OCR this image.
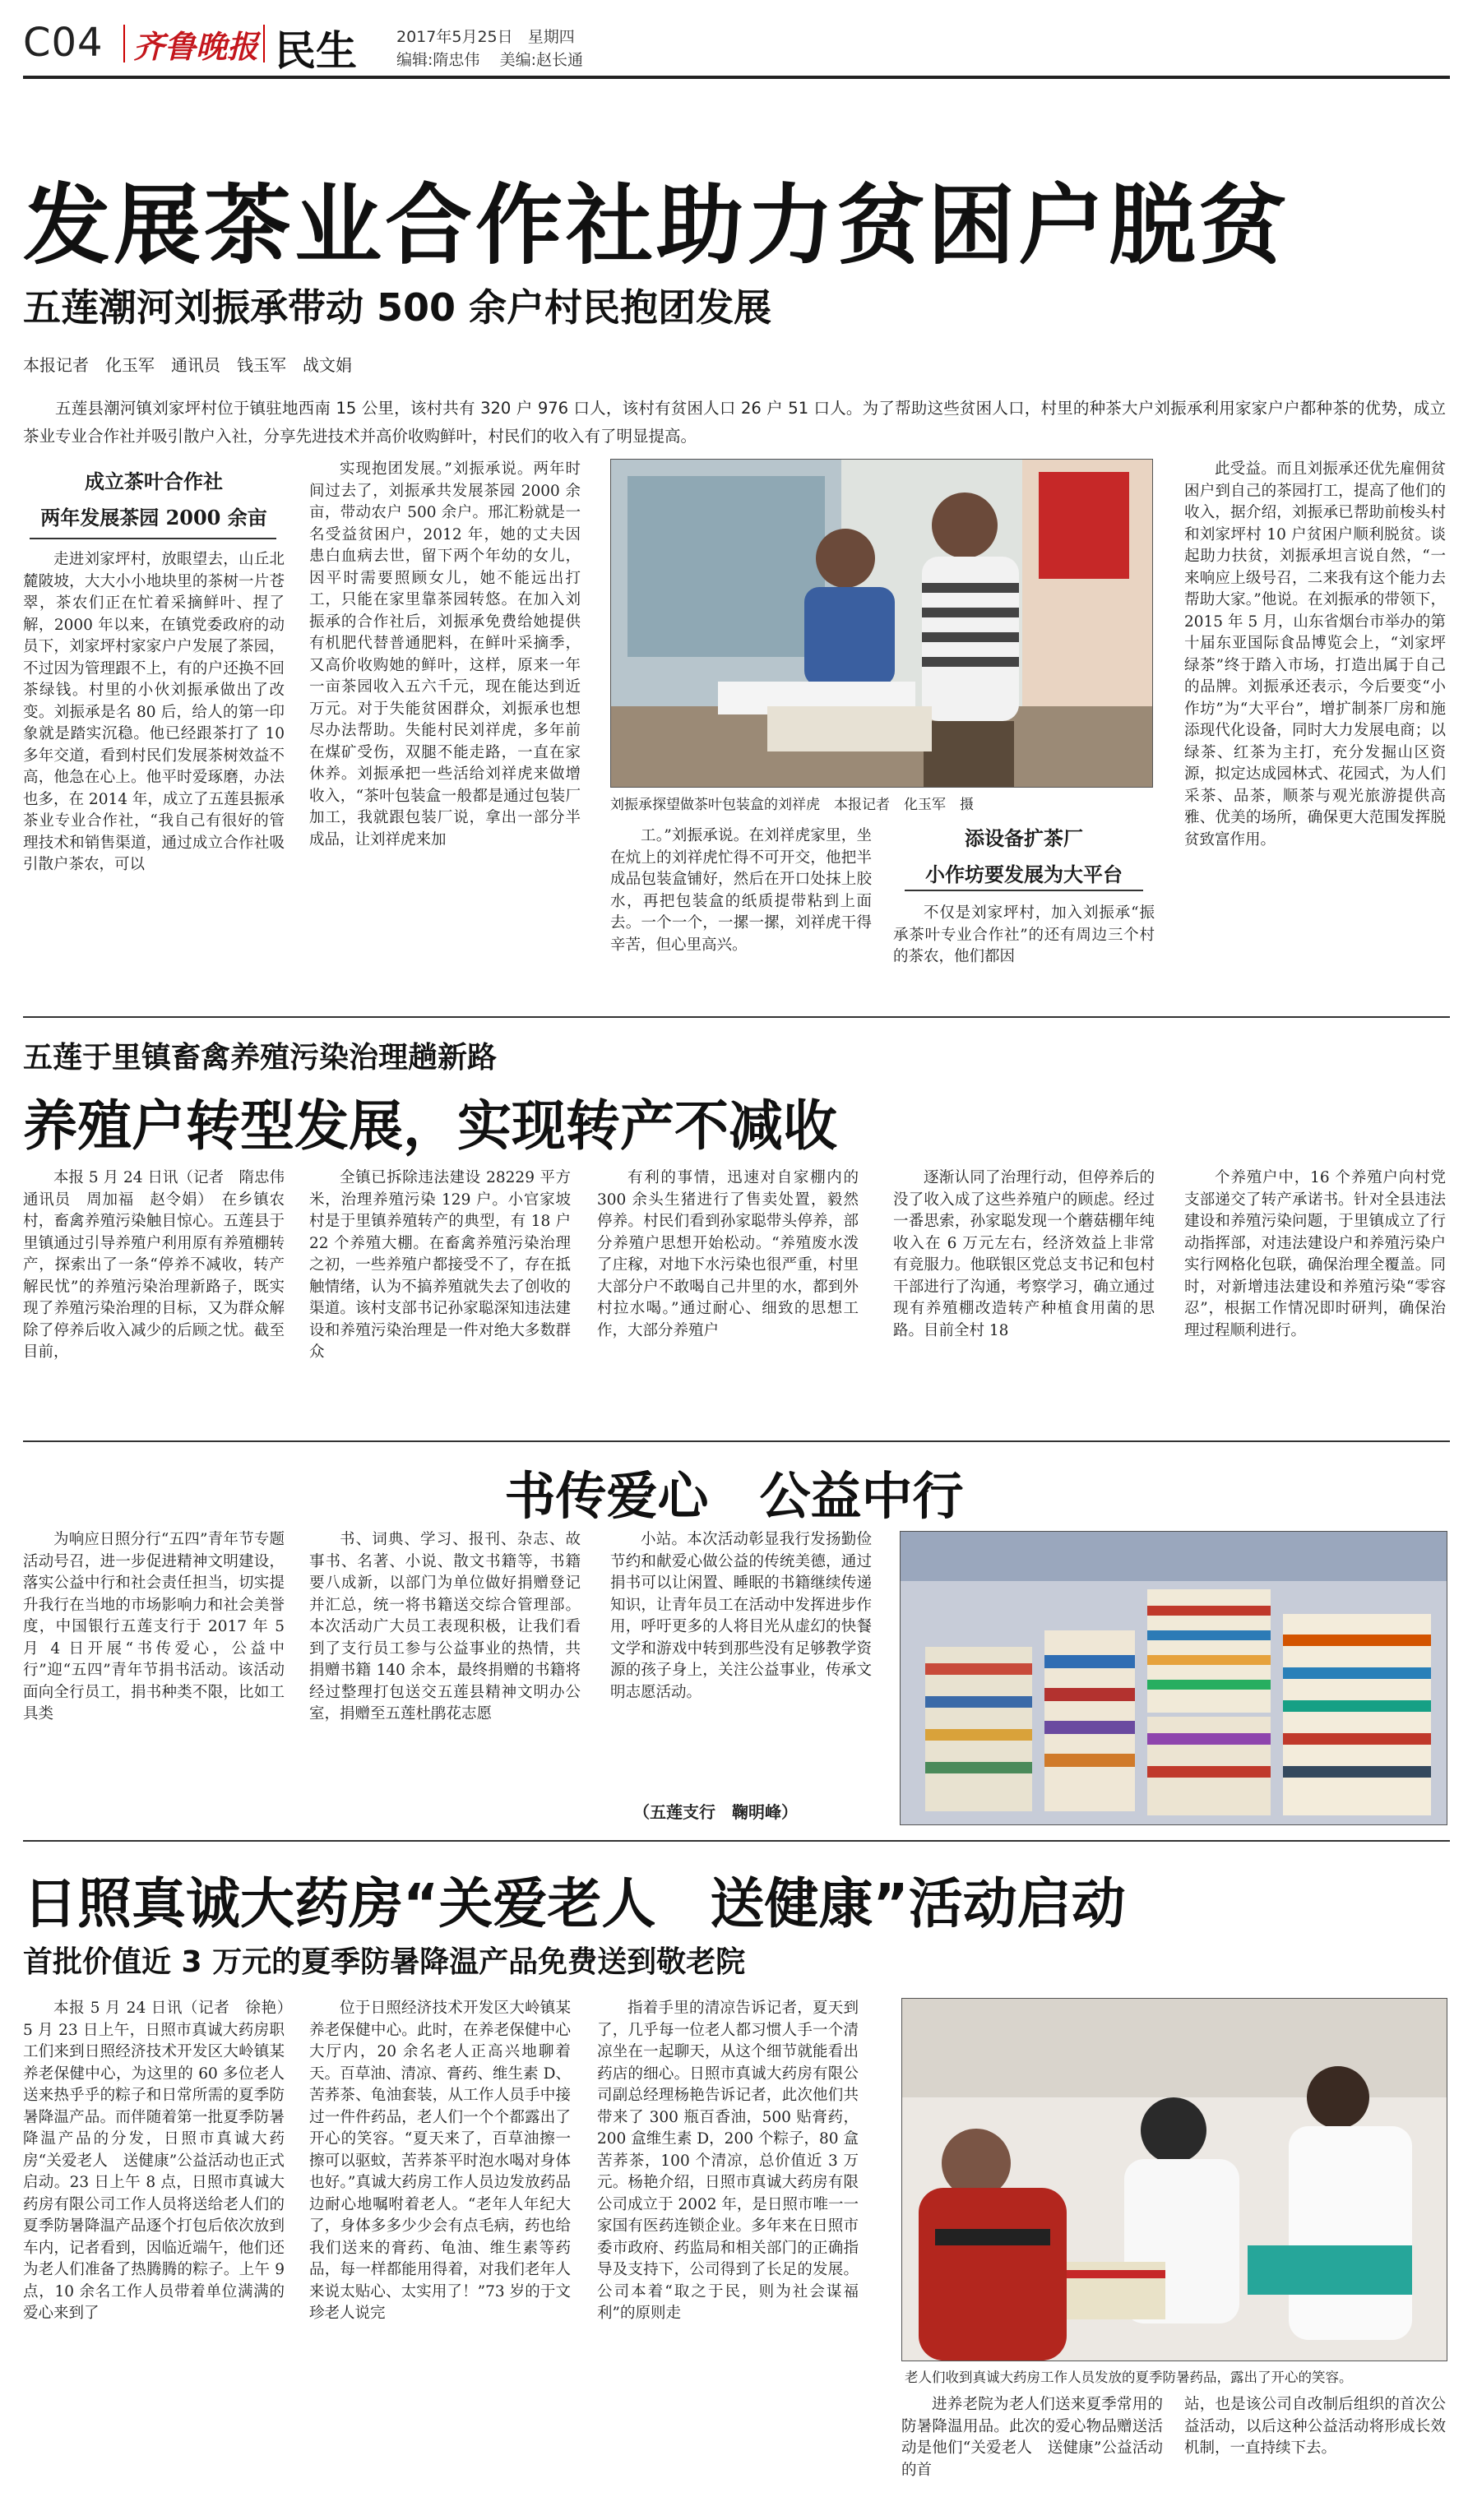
C04 齐鲁晚报 民生	2017年5月25日 星期四
编辑:隋忠伟 美编:赵长通
发展茶业合作社助力贫困户脱贫
五莲潮河刘振承带动 500 余户村民抱团发展
本报记者　化玉军　通讯员　钱玉军　战文娟

五莲县潮河镇刘家坪村位于镇驻地西南 15 公里，该村共有 320 户 976 口人，该村有贫困人口 26 户 51 口人。为了帮助这些贫困人口，村里的种茶大户刘振承利用家家户户都种茶的优势，成立茶业专业合作社并吸引散户入社，分享先进技术并高价收购鲜叶，村民们的收入有了明显提高。

成立茶叶合作社
两年发展茶园 2000 余亩

走进刘家坪村，放眼望去，山丘北麓陂坡，大大小小地块里的茶树一片苍翠，茶农们正在忙着采摘鲜叶、捏了解，2000 年以来，在镇党委政府的动员下，刘家坪村家家户户发展了茶园，不过因为管理跟不上，有的户还换不回茶绿钱。村里的小伙刘振承做出了改变。刘振承是名 80 后，给人的第一印象就是踏实沉稳。他已经跟茶打了 10 多年交道，看到村民们发展茶树效益不高，他急在心上。他平时爱琢磨，办法也多，在 2014 年，成立了五莲县振承茶业专业合作社，“我自己有很好的管理技术和销售渠道，通过成立合作社吸引散户茶农，可以

实现抱团发展。”刘振承说。两年时间过去了，刘振承共发展茶园 2000 余亩，带动农户 500 余户。邢汇粉就是一名受益贫困户，2012 年，她的丈夫因患白血病去世，留下两个年幼的女儿，因平时需要照顾女儿，她不能远出打工，只能在家里靠茶园转悠。在加入刘振承的合作社后，刘振承免费给她提供有机肥代替普通肥料，在鲜叶采摘季，又高价收购她的鲜叶，这样，原来一年一亩茶园收入五六千元，现在能达到近万元。对于失能贫困群众，刘振承也想尽办法帮助。失能村民刘祥虎，多年前在煤矿受伤，双腿不能走路，一直在家休养。刘振承把一些活给刘祥虎来做增收入，“茶叶包装盒一般都是通过包装厂加工，我就跟包装厂说，拿出一部分半成品，让刘祥虎来加

刘振承探望做茶叶包装盒的刘祥虎　本报记者　化玉军　摄

工。”刘振承说。在刘祥虎家里，坐在炕上的刘祥虎忙得不可开交，他把半成品包装盒铺好，然后在开口处抹上胶水，再把包装盒的纸质提带粘到上面去。一个一个，一摞一摞，刘祥虎干得辛苦，但心里高兴。

添设备扩茶厂
小作坊要发展为大平台

不仅是刘家坪村，加入刘振承“振承茶叶专业合作社”的还有周边三个村的茶农，他们都因

此受益。而且刘振承还优先雇佣贫困户到自己的茶园打工，提高了他们的收入，据介绍，刘振承已帮助前梭头村和刘家坪村 10 户贫困户顺利脱贫。谈起助力扶贫，刘振承坦言说自然，“一来响应上级号召，二来我有这个能力去帮助大家。”他说。在刘振承的带领下，2015 年 5 月，山东省烟台市举办的第十届东亚国际食品博览会上，“刘家坪绿茶”终于踏入市场，打造出属于自己的品牌。刘振承还表示，今后要变“小作坊”为“大平台”，增扩制茶厂房和施添现代化设备，同时大力发展电商；以绿茶、红茶为主打，充分发掘山区资源，拟定达成园林式、花园式，为人们采茶、品茶，顺茶与观光旅游提供高雅、优美的场所，确保更大范围发挥脱贫致富作用。

五莲于里镇畜禽养殖污染治理趟新路
养殖户转型发展，实现转产不减收

本报 5 月 24 日讯（记者　隋忠伟　通讯员　周加福　赵令娟）　在乡镇农村，畜禽养殖污染触目惊心。五莲县于里镇通过引导养殖户利用原有养殖棚转产，探索出了一条“停养不减收，转产解民忧”的养殖污染治理新路子，既实现了养殖污染治理的目标，又为群众解除了停养后收入减少的后顾之忧。截至目前，

全镇已拆除违法建设 28229 平方米，治理养殖污染 129 户。小官家坡村是于里镇养殖转产的典型，有 18 户 22 个养殖大棚。在畜禽养殖污染治理之初，一些养殖户都接受不了，存在抵触情绪，认为不搞养殖就失去了创收的渠道。该村支部书记孙家聪深知违法建设和养殖污染治理是一件对绝大多数群众

有利的事情，迅速对自家棚内的 300 余头生猪进行了售卖处置，毅然停养。村民们看到孙家聪带头停养，部分养殖户思想开始松动。“养殖废水泼了庄稼，对地下水污染也很严重，村里大部分户不敢喝自己井里的水，都到外村拉水喝。”通过耐心、细致的思想工作，大部分养殖户

逐渐认同了治理行动，但停养后的没了收入成了这些养殖户的顾虑。经过一番思索，孙家聪发现一个蘑菇棚年纯收入在 6 万元左右，经济效益上非常有竞服力。他联银区党总支书记和包村干部进行了沟通，考察学习，确立通过现有养殖棚改造转产种植食用菌的思路。目前全村 18

个养殖户中，16 个养殖户向村党支部递交了转产承诺书。针对全县违法建设和养殖污染问题，于里镇成立了行动指挥部，对违法建设户和养殖污染户实行网格化包联，确保治理全覆盖。同时，对新增违法建设和养殖污染“零容忍”，根据工作情况即时研判，确保治理过程顺利进行。

书传爱心　公益中行

为响应日照分行“五四”青年节专题活动号召，进一步促进精神文明建设，落实公益中行和社会责任担当，切实提升我行在当地的市场影响力和社会美誉度，中国银行五莲支行于 2017 年 5 月 4 日开展“书传爱心，公益中行”迎“五四”青年节捐书活动。该活动面向全行员工，捐书种类不限，比如工具类

书、词典、学习、报刊、杂志、故事书、名著、小说、散文书籍等，书籍要八成新，以部门为单位做好捐赠登记并汇总，统一将书籍送交综合管理部。本次活动广大员工表现积极，让我们看到了支行员工参与公益事业的热情，共捐赠书籍 140 余本，最终捐赠的书籍将经过整理打包送交五莲县精神文明办公室，捐赠至五莲杜鹃花志愿

小站。本次活动彰显我行发扬勤俭节约和献爱心做公益的传统美德，通过捐书可以让闲置、睡眠的书籍继续传递知识，让青年员工在活动中发挥进步作用，呼吁更多的人将目光从虚幻的快餐文学和游戏中转到那些没有足够教学资源的孩子身上，关注公益事业，传承文明志愿活动。

（五莲支行　鞠明峰）
日照真诚大药房“关爱老人　送健康”活动启动
首批价值近 3 万元的夏季防暑降温产品免费送到敬老院

本报 5 月 24 日讯（记者　徐艳）　5 月 23 日上午，日照市真诚大药房职工们来到日照经济技术开发区大岭镇某养老保健中心，为这里的 60 多位老人送来热乎乎的粽子和日常所需的夏季防暑降温产品。而伴随着第一批夏季防暑降温产品的分发，日照市真诚大药房“关爱老人　送健康”公益活动也正式启动。23 日上午 8 点，日照市真诚大药房有限公司工作人员将送给老人们的夏季防暑降温产品逐个打包后依次放到车内，记者看到，因临近端午，他们还为老人们准备了热腾腾的粽子。上午 9 点，10 余名工作人员带着单位满满的爱心来到了

位于日照经济技术开发区大岭镇某养老保健中心。此时，在养老保健中心大厅内，20 余名老人正高兴地聊着天。百草油、清凉、膏药、维生素 D、苦荞茶、龟油套装，从工作人员手中接过一件件药品，老人们一个个都露出了开心的笑容。“夏天来了，百草油擦一擦可以驱蚊，苦荞茶平时泡水喝对身体也好。”真诚大药房工作人员边发放药品边耐心地嘱咐着老人。“老年人年纪大了，身体多多少少会有点毛病，药也给我们送来的膏药、龟油、维生素等药品，每一样都能用得着，对我们老年人来说太贴心、太实用了！”73 岁的于文珍老人说完

指着手里的清凉告诉记者，夏天到了，几乎每一位老人都习惯人手一个清凉坐在一起聊天，从这个细节就能看出药店的细心。日照市真诚大药房有限公司副总经理杨艳告诉记者，此次他们共带来了 300 瓶百香油，500 贴膏药，200 盒维生素 D，200 个粽子，80 盒苦荞茶，100 个清凉，总价值近 3 万元。杨艳介绍，日照市真诚大药房有限公司成立于 2002 年，是日照市唯一一家国有医药连锁企业。多年来在日照市委市政府、药监局和相关部门的正确指导及支持下，公司得到了长足的发展。公司本着“取之于民，则为社会谋福利”的原则走

老人们收到真诚大药房工作人员发放的夏季防暑药品，露出了开心的笑容。

进养老院为老人们送来夏季常用的防暑降温用品。此次的爱心物品赠送活动是他们“关爱老人　送健康”公益活动的首

站，也是该公司自改制后组织的首次公益活动，以后这种公益活动将形成长效机制，一直持续下去。
